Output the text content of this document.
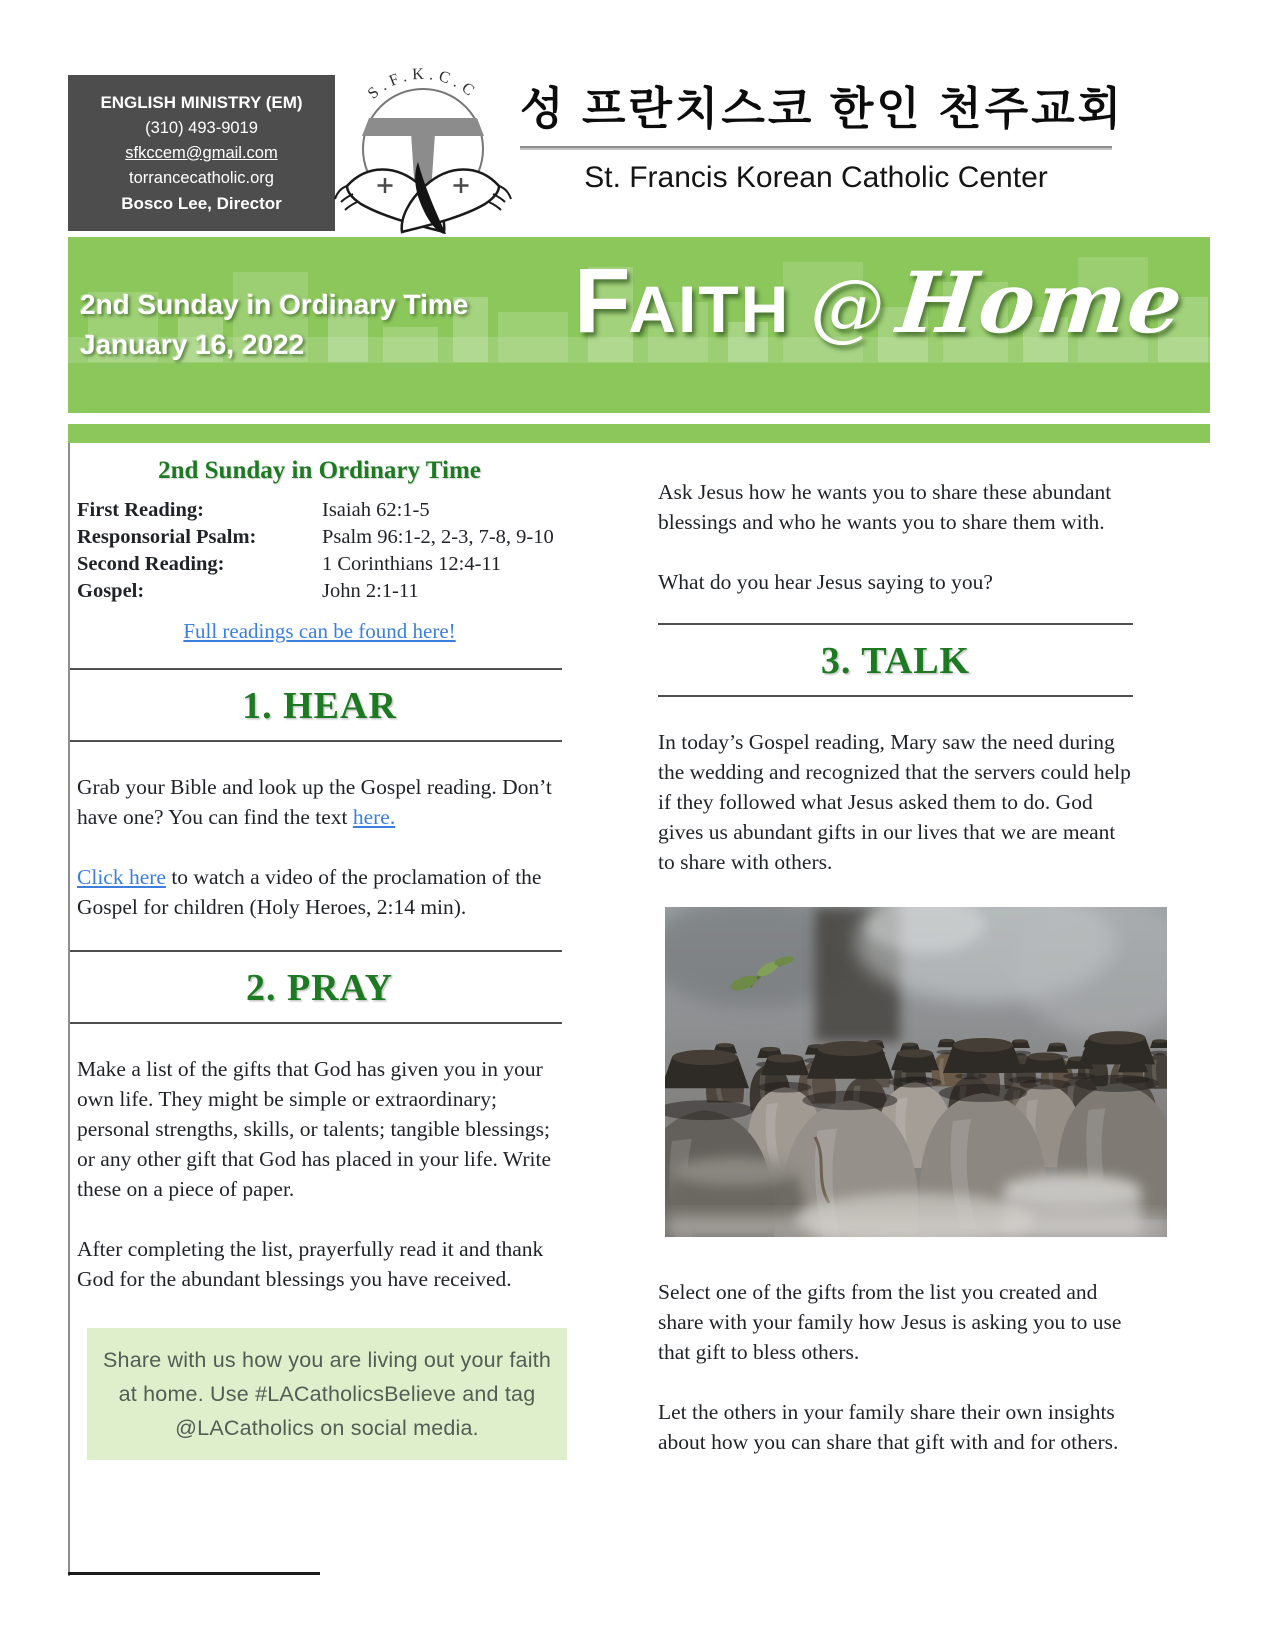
ENGLISH MINISTRY (EM)
(310) 493-9019
sfkccem@gmail.com
torrancecatholic.org
Bosco Lee, Director
S.F.K.C.C 성 프란치스코 한인 천주교회
St. Francis Korean Catholic Center
2nd Sunday in Ordinary Time
January 16, 2022	F AITH @ Home
2nd Sunday in Ordinary Time
First Reading:	Isaiah 62:1-5
Responsorial Psalm:	Psalm 96:1-2, 2-3, 7-8, 9-10
Second Reading:	1 Corinthians 12:4-11
Gospel:	John 2:1-11
Full readings can be found here!
1. HEAR

Grab your Bible and look up the Gospel reading. Don’t have one? You can find the text here.

Click here to watch a video of the proclamation of the Gospel for children (Holy Heroes, 2:14 min).

2. PRAY

Make a list of the gifts that God has given you in your own life. They might be simple or extraordinary; personal strengths, skills, or talents; tangible blessings; or any other gift that God has placed in your life. Write these on a piece of paper.

After completing the list, prayerfully read it and thank God for the abundant blessings you have received.

Share with us how you are living out your faith at home. Use #LACatholicsBelieve and tag @LACatholics on social media.

Ask Jesus how he wants you to share these abundant blessings and who he wants you to share them with.

What do you hear Jesus saying to you?

3. TALK

In today’s Gospel reading, Mary saw the need during the wedding and recognized that the servers could help if they followed what Jesus asked them to do. God gives us abundant gifts in our lives that we are meant to share with others.

Select one of the gifts from the list you created and share with your family how Jesus is asking you to use that gift to bless others.

Let the others in your family share their own insights about how you can share that gift with and for others.
